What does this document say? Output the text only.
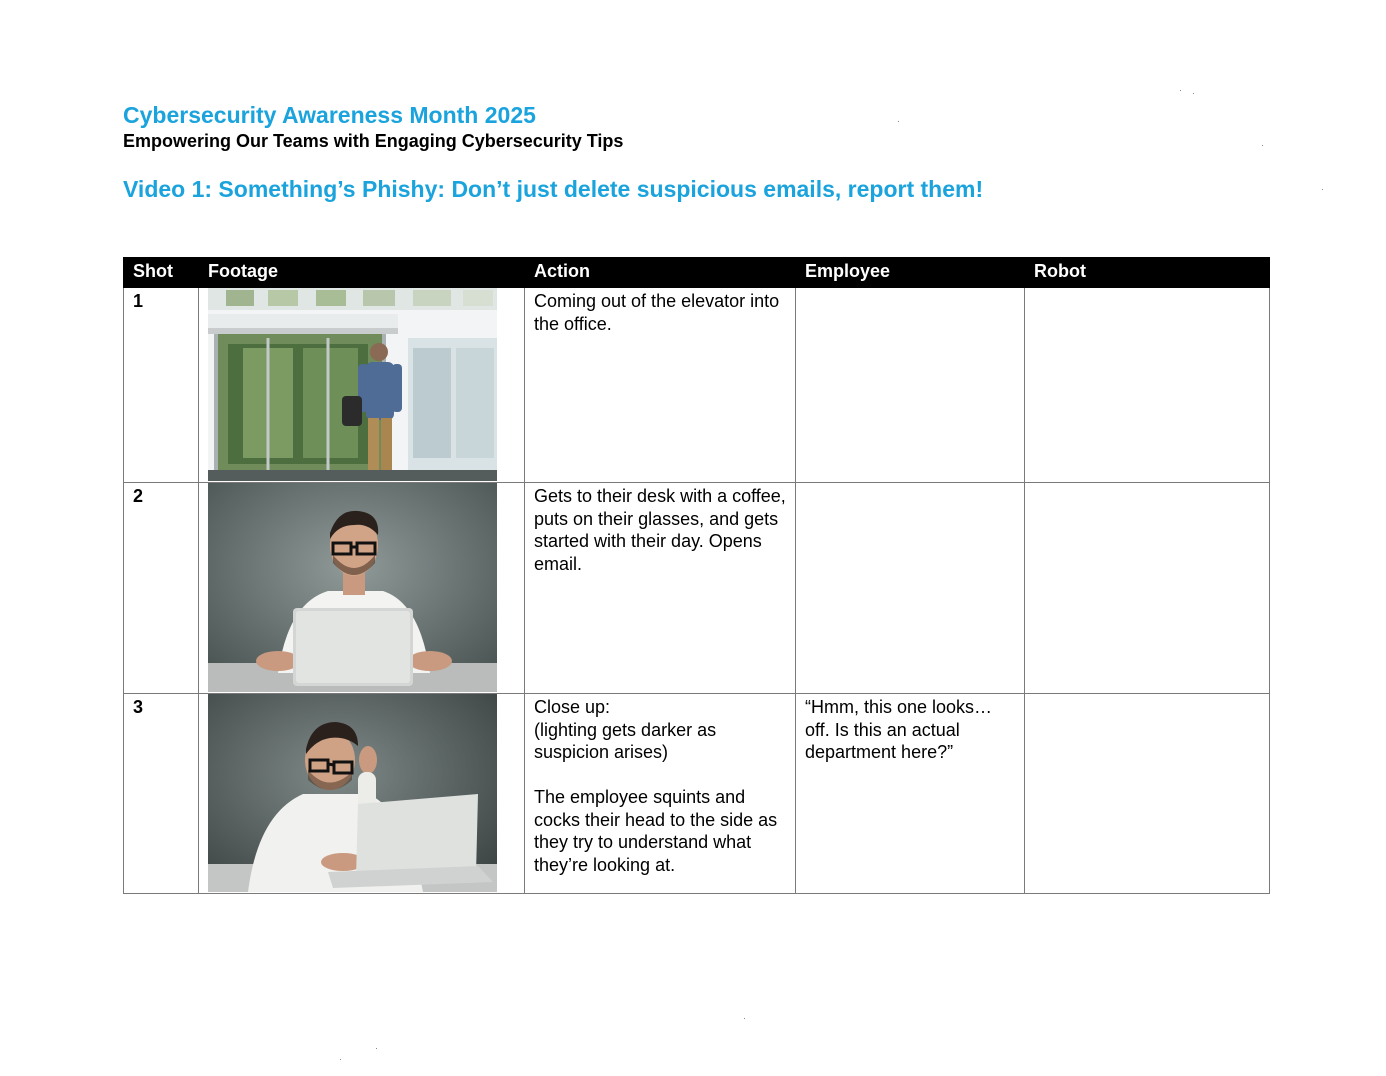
Cybersecurity Awareness Month 2025
Empowering Our Teams with Engaging Cybersecurity Tips
Video 1: Something’s Phishy: Don’t just delete suspicious emails, report them!
Shot	Footage	Action	Employee	Robot
1		Coming out of the elevator into the office.		

2		Gets to their desk with a coffee, puts on their glasses, and gets started with their day. Opens email.		

3		Close up:
(lighting gets darker as suspicion arises)

The employee squints and cocks their head to the side as they try to understand what they’re looking at.	“Hmm, this one looks…off. Is this an actual department here?”	
